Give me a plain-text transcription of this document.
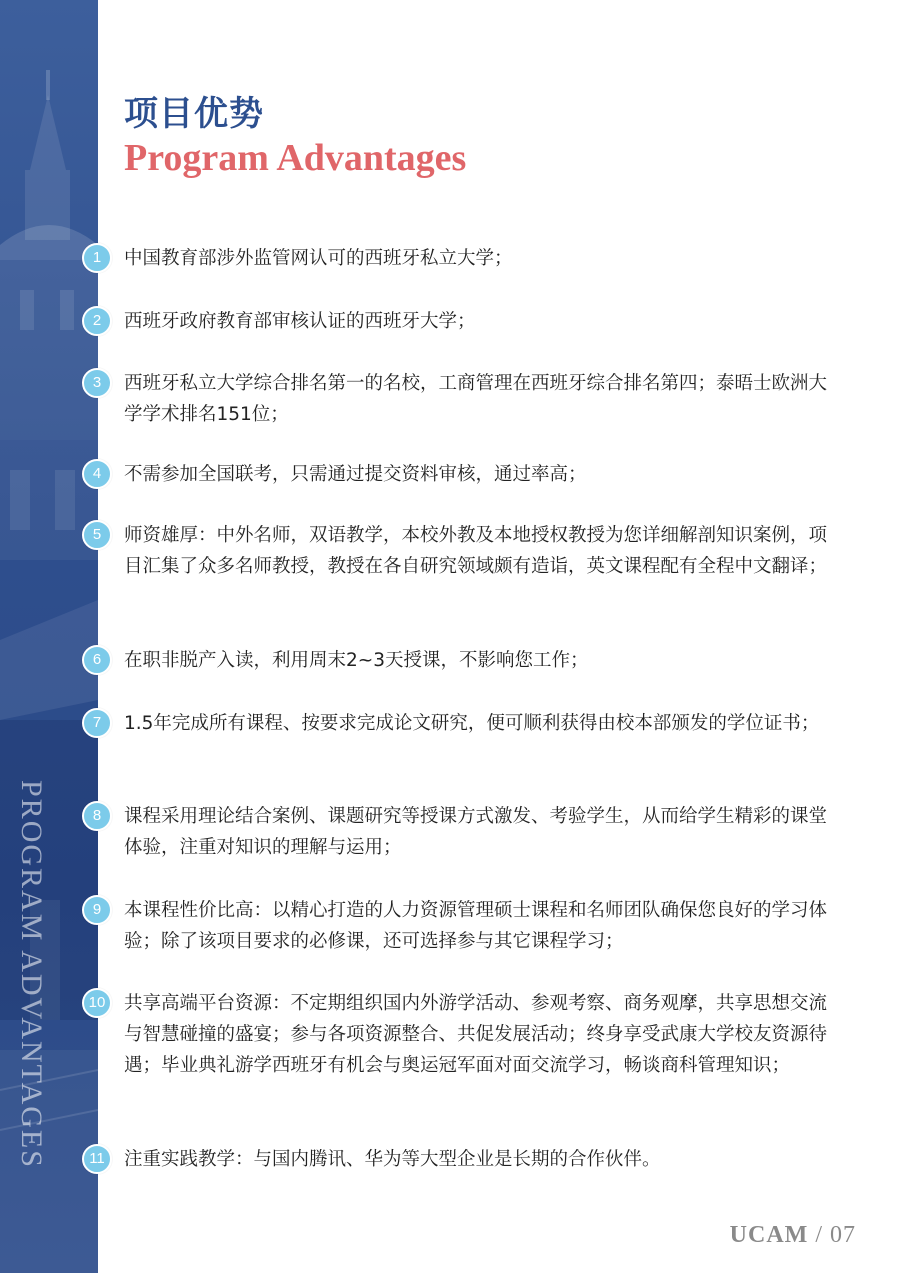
PROGRAM ADVANTAGES
项目优势
Program Advantages
1	中国教育部涉外监管网认可的西班牙私立大学；
2	西班牙政府教育部审核认证的西班牙大学；
3	西班牙私立大学综合排名第一的名校，工商管理在西班牙综合排名第四；泰晤士欧洲大学学术排名151位；
4	不需参加全国联考，只需通过提交资料审核，通过率高；
5	师资雄厚：中外名师，双语教学，本校外教及本地授权教授为您详细解剖知识案例，项目汇集了众多名师教授，教授在各自研究领域颇有造诣，英文课程配有全程中文翻译；
6	在职非脱产入读，利用周末2~3天授课，不影响您工作；
7	1.5年完成所有课程、按要求完成论文研究，便可顺利获得由校本部颁发的学位证书；
8	课程采用理论结合案例、课题研究等授课方式激发、考验学生，从而给学生精彩的课堂体验，注重对知识的理解与运用；
9	本课程性价比高：以精心打造的人力资源管理硕士课程和名师团队确保您良好的学习体验；除了该项目要求的必修课，还可选择参与其它课程学习；
10	共享高端平台资源：不定期组织国内外游学活动、参观考察、商务观摩，共享思想交流与智慧碰撞的盛宴；参与各项资源整合、共促发展活动；终身享受武康大学校友资源待遇；毕业典礼游学西班牙有机会与奥运冠军面对面交流学习，畅谈商科管理知识；
11	注重实践教学：与国内腾讯、华为等大型企业是长期的合作伙伴。
UCAM / 07
